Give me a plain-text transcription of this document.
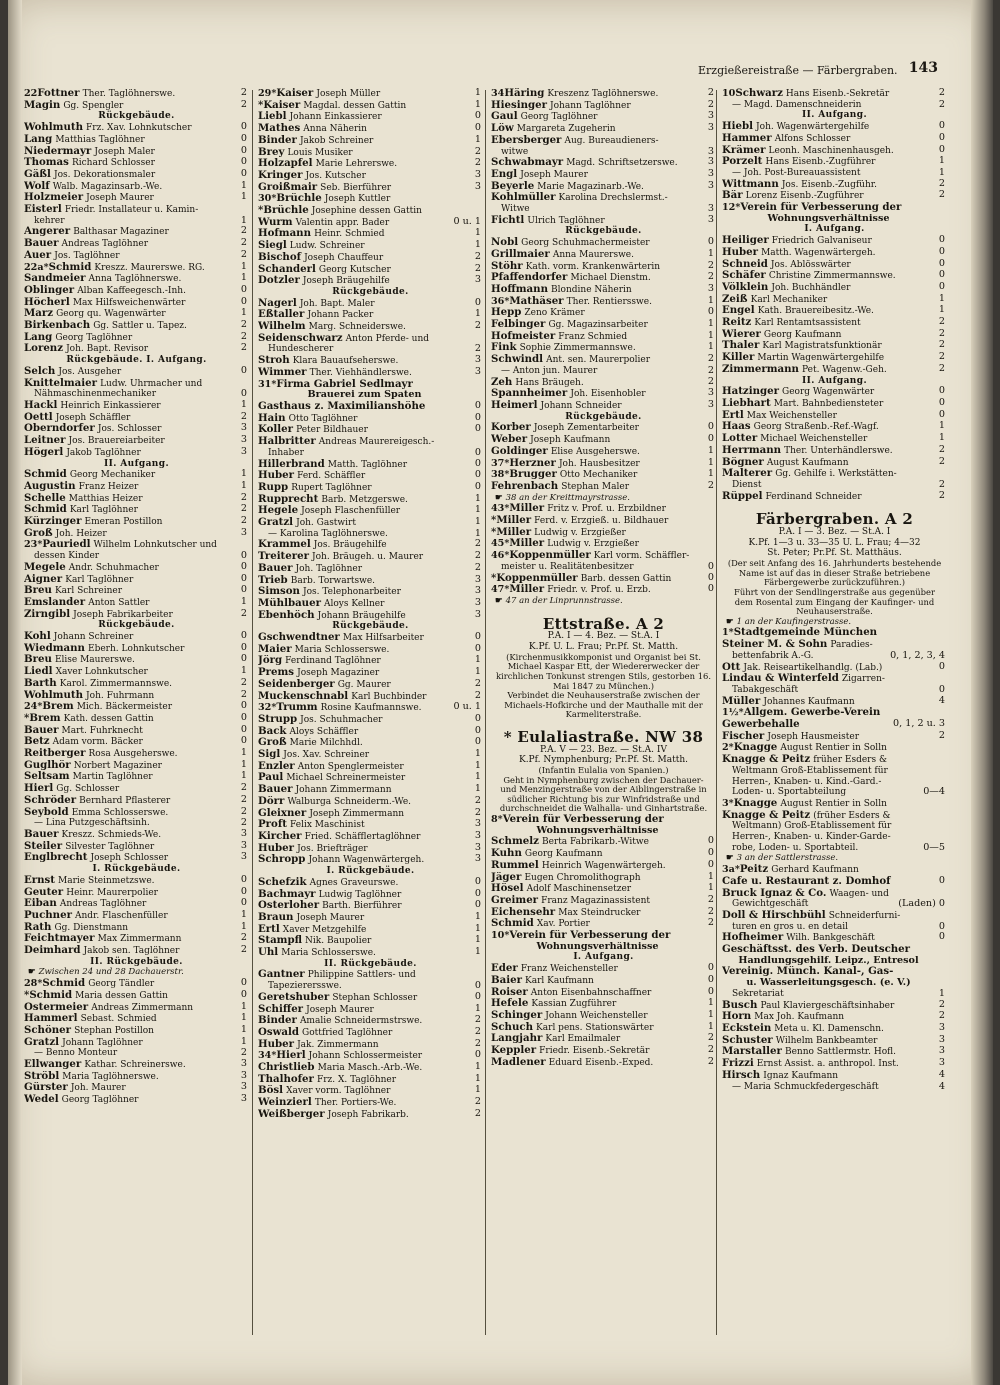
Erzgießereistraße — Färbergraben. 143
22Fottner Ther. Taglöhnerswe.	2
Magin Gg. Spengler	2
Rückgebäude.
Wohlmuth Frz. Xav. Lohnkutscher	0
Lang Matthias Taglöhner	0
Niedermayr Joseph Maler	0
Thomas Richard Schlosser	0
Gäßl Jos. Dekorationsmaler	0
Wolf Walb. Magazinsarb.-We.	1
Holzmeier Joseph Maurer	1
Eisterl Friedr. Installateur u. Kamin-
kehrer	1
Angerer Balthasar Magaziner	2
Bauer Andreas Taglöhner	2
Auer Jos. Taglöhner	2
22a*Schmid Kreszz. Maurerswe. RG.	1
Sandmeier Anna Taglöhnerswe.	1
Oblinger Alban Kaffeegesch.-Inh.	0
Höcherl Max Hilfsweichenwärter	0
Marz Georg qu. Wagenwärter	1
Birkenbach Gg. Sattler u. Tapez.	2
Lang Georg Taglöhner	2
Lorenz Joh. Bapt. Revisor	2
Rückgebäude. I. Aufgang.
Selch Jos. Ausgeher	0
Knittelmaier Ludw. Uhrmacher und
Nähmaschinenmechaniker	0
Hackl Heinrich Einkassierer	1
Oettl Joseph Schäffler	2
Oberndorfer Jos. Schlosser	3
Leitner Jos. Brauereiarbeiter	3
Högerl Jakob Taglöhner	3
II. Aufgang.
Schmid Georg Mechaniker	1
Augustin Franz Heizer	1
Schelle Matthias Heizer	2
Schmid Karl Taglöhner	2
Kürzinger Emeran Postillon	2
Groß Joh. Heizer	3
23*Pauriedl Wilhelm Lohnkutscher und
dessen Kinder	0
Megele Andr. Schuhmacher	0
Aigner Karl Taglöhner	0
Breu Karl Schreiner	0
Emslander Anton Sattler	1
Zirngibl Joseph Fabrikarbeiter	2
Rückgebäude.
Kohl Johann Schreiner	0
Wiedmann Eberh. Lohnkutscher	0
Breu Elise Maurerswe.	0
Liedl Xaver Lohnkutscher	1
Barth Karol. Zimmermannswe.	2
Wohlmuth Joh. Fuhrmann	2
24*Brem Mich. Bäckermeister	0
*Brem Kath. dessen Gattin	0
Bauer Mart. Fuhrknecht	0
Betz Adam vorm. Bäcker	0
Reitberger Rosa Ausgeherswe.	1
Guglhör Norbert Magaziner	1
Seltsam Martin Taglöhner	1
Hierl Gg. Schlosser	2
Schröder Bernhard Pflasterer	2
Seybold Emma Schlosserswe.	2
— Lina Putzgeschäftsinh.	2
Bauer Kreszz. Schmieds-We.	3
Steiler Silvester Taglöhner	3
Englbrecht Joseph Schlosser	3
I. Rückgebäude.
Ernst Marie Steinmetzswe.	0
Geuter Heinr. Maurerpolier	0
Eiban Andreas Taglöhner	0
Puchner Andr. Flaschenfüller	1
Rath Gg. Dienstmann	1
Feichtmayer Max Zimmermann	2
Deimhard Jakob sen. Taglöhner	2
II. Rückgebäude.
☛ Zwischen 24 und 28 Dachauerstr.
28*Schmid Georg Tändler	0
*Schmid Maria dessen Gattin	0
Ostermeier Andreas Zimmermann	1
Hammerl Sebast. Schmied	1
Schöner Stephan Postillon	1
Gratzl Johann Taglöhner	1
— Benno Monteur	2
Ellwanger Kathar. Schreinerswe.	3
Ströbl Maria Taglöhnerswe.	3
Gürster Joh. Maurer	3
Wedel Georg Taglöhner	3
29*Kaiser Joseph Müller	1
*Kaiser Magdal. dessen Gattin	1
Liebl Johann Einkassierer	0
Mathes Anna Näherin	0
Binder Jakob Schreiner	1
Brey Louis Musiker	2
Holzapfel Marie Lehrerswe.	2
Kringer Jos. Kutscher	3
Groißmair Seb. Bierführer	3
30*Brüchle Joseph Kuttler
*Brüchle Josephine dessen Gattin
Wurm Valentin appr. Bader	0 u. 1
Hofmann Heinr. Schmied	1
Siegl Ludw. Schreiner	1
Bischof Joseph Chauffeur	2
Schanderl Georg Kutscher	2
Dotzler Joseph Bräugehilfe	3
Rückgebäude.
Nagerl Joh. Bapt. Maler	0
Eßtaller Johann Packer	1
Wilhelm Marg. Schneiderswe.	2
Seidenschwarz Anton Pferde- und
Hundescherer	2
Stroh Klara Bauaufseherswe.	3
Wimmer Ther. Viehhändlerswe.	3
31*Firma Gabriel Sedlmayr
Brauerei zum Spaten
Gasthaus z. Maximilianshöhe	0
Hain Otto Taglöhner	0
Koller Peter Bildhauer	0
Halbritter Andreas Maurereigesch.-
Inhaber	0
Hillerbrand Matth. Taglöhner	0
Huber Ferd. Schäffler	0
Rupp Rupert Taglöhner	0
Rupprecht Barb. Metzgerswe.	1
Hegele Joseph Flaschenfüller	1
Gratzl Joh. Gastwirt	1
— Karolina Taglöhnerswe.	1
Krammel Jos. Bräugehilfe	2
Treiterer Joh. Bräugeh. u. Maurer	2
Bauer Joh. Taglöhner	2
Trieb Barb. Torwartswe.	3
Simson Jos. Telephonarbeiter	3
Mühlbauer Aloys Kellner	3
Ebenhöch Johann Bräugehilfe	3
Rückgebäude.
Gschwendtner Max Hilfsarbeiter	0
Maier Maria Schlosserswe.	0
Jörg Ferdinand Taglöhner	1
Prems Joseph Magaziner	1
Seidenberger Gg. Maurer	2
Muckenschnabl Karl Buchbinder	2
32*Trumm Rosine Kaufmannswe.	0 u. 1
Strupp Jos. Schuhmacher	0
Back Aloys Schäffler	0
Groß Marie Milchhdl.	0
Sigl Jos. Xav. Schreiner	1
Enzler Anton Spenglermeister	1
Paul Michael Schreinermeister	1
Bauer Johann Zimmermann	1
Dörr Walburga Schneiderm.-We.	2
Gleixner Joseph Zimmermann	2
Proft Felix Maschinist	3
Kircher Fried. Schäfflertaglöhner	3
Huber Jos. Briefträger	3
Schropp Johann Wagenwärtergeh.	3
I. Rückgebäude.
Schefzik Agnes Graveurswe.	0
Bachmayr Ludwig Taglöhner	0
Osterloher Barth. Bierführer	0
Braun Joseph Maurer	1
Ertl Xaver Metzgehilfe	1
Stampfl Nik. Baupolier	1
Uhl Maria Schlosserswe.	1
II. Rückgebäude.
Gantner Philippine Sattlers- und
Tapezierersswe.	0
Geretshuber Stephan Schlosser	0
Schiffer Joseph Maurer	1
Binder Amalie Schneidermstrswe.	2
Oswald Gottfried Taglöhner	2
Huber Jak. Zimmermann	2
34*Hierl Johann Schlossermeister	0
Christlieb Maria Masch.-Arb.-We.	1
Thalhofer Frz. X. Taglöhner	1
Bösl Xaver vorm. Taglöhner	1
Weinzierl Ther. Portiers-We.	2
Weißberger Joseph Fabrikarb.	2
34Häring Kreszenz Taglöhnerswe.	2
Hiesinger Johann Taglöhner	2
Gaul Georg Taglöhner	3
Löw Margareta Zugeherin	3
Ebersberger Aug. Bureaudieners-
witwe	3
Schwabmayr Magd. Schriftsetzerswe.	3
Engl Joseph Maurer	3
Beyerle Marie Magazinarb.-We.	3
Kohlmüller Karolina Drechslermst.-
Witwe	3
Fichtl Ulrich Taglöhner	3
Rückgebäude.
Nobl Georg Schuhmachermeister	0
Grillmaier Anna Maurerswe.	1
Stöhr Kath. vorm. Krankenwärterin	2
Pfaffendorfer Michael Dienstm.	2
Hoffmann Blondine Näherin	3
36*Mathäser Ther. Rentiersswe.	1
Hepp Zeno Krämer	0
Felbinger Gg. Magazinsarbeiter	1
Hofmeister Franz Schmied	1
Fink Sophie Zimmermannswe.	1
Schwindl Ant. sen. Maurerpolier	2
— Anton jun. Maurer	2
Zeh Hans Bräugeh.	2
Spannheimer Joh. Eisenhobler	3
Heimerl Johann Schneider	3
Rückgebäude.
Korber Joseph Zementarbeiter	0
Weber Joseph Kaufmann	0
Goldinger Elise Ausgeherswe.	1
37*Herzner Joh. Hausbesitzer	1
38*Brugger Otto Mechaniker	1
Fehrenbach Stephan Maler	2
☛ 38 an der Kreittmayrstrasse.
43*Miller Fritz v. Prof. u. Erzbildner
*Miller Ferd. v. Erzgieß. u. Bildhauer
*Miller Ludwig v. Erzgießer
45*Miller Ludwig v. Erzgießer
46*Koppenmüller Karl vorm. Schäffler-
meister u. Realitätenbesitzer	0
*Koppenmüller Barb. dessen Gattin	0
47*Miller Friedr. v. Prof. u. Erzb.	0
☛ 47 an der Linprunnstrasse.
Ettstraße. A 2
P.A. I — 4. Bez. — St.A. I
K.Pf. U. L. Frau; Pr.Pf. St. Matth.
(Kirchenmusikkomponist und Organist bei St. Michael Kaspar Ett, der Wiedererwecker der kirchlichen Tonkunst strengen Stils, gestorben 16. Mai 1847 zu München.)
Verbindet die Neuhauserstraße zwischen der Michaels-Hofkirche und der Mauthalle mit der Karmeliterstraße.
* Eulaliastraße. NW 38
P.A. V — 23. Bez. — St.A. IV
K.Pf. Nymphenburg; Pr.Pf. St. Matth.
(Infantin Eulalia von Spanien.)
Geht in Nymphenburg zwischen der Dachauer- und Menzingerstraße von der Aiblingerstraße in südlicher Richtung bis zur Winfridstraße und durchschneidet die Walhalla- und Ginhartstraße.
8*Verein für Verbesserung der
Wohnungsverhältnisse
Schmelz Berta Fabrikarb.-Witwe	0
Kuhn Georg Kaufmann	0
Rummel Heinrich Wagenwärtergeh.	0
Jäger Eugen Chromolithograph	1
Hösel Adolf Maschinensetzer	1
Greimer Franz Magazinassistent	2
Eichensehr Max Steindrucker	2
Schmid Xav. Portier	2
10*Verein für Verbesserung der
Wohnungsverhältnisse
I. Aufgang.
Eder Franz Weichensteller	0
Baier Karl Kaufmann	0
Roiser Anton Eisenbahnschaffner	0
Hefele Kassian Zugführer	1
Schinger Johann Weichensteller	1
Schuch Karl pens. Stationswärter	1
Langjahr Karl Emailmaler	2
Keppler Friedr. Eisenb.-Sekretär	2
Madlener Eduard Eisenb.-Exped.	2
10Schwarz Hans Eisenb.-Sekretär	2
— Magd. Damenschneiderin	2
II. Aufgang.
Hiebl Joh. Wagenwärtergehilfe	0
Hammer Alfons Schlosser	0
Krämer Leonh. Maschinenhausgeh.	0
Porzelt Hans Eisenb.-Zugführer	1
— Joh. Post-Bureauassistent	1
Wittmann Jos. Eisenb.-Zugführ.	2
Bär Lorenz Eisenb.-Zugführer	2
12*Verein für Verbesserung der
Wohnungsverhältnisse
I. Aufgang.
Heiliger Friedrich Galvaniseur	0
Huber Matth. Wagenwärtergeh.	0
Schneid Jos. Ablösswärter	0
Schäfer Christine Zimmermannswe.	0
Völklein Joh. Buchhändler	0
Zeiß Karl Mechaniker	1
Engel Kath. Brauereibesitz.-We.	1
Reitz Karl Rentamtsassistent	2
Wierer Georg Kaufmann	2
Thaler Karl Magistratsfunktionär	2
Killer Martin Wagenwärtergehilfe	2
Zimmermann Pet. Wagenw.-Geh.	2
II. Aufgang.
Hatzinger Georg Wagenwärter	0
Liebhart Mart. Bahnbediensteter	0
Ertl Max Weichensteller	0
Haas Georg Straßenb.-Ref.-Wagf.	1
Lotter Michael Weichensteller	1
Herrmann Ther. Unterhändlerswe.	2
Bögner August Kaufmann	2
Malterer Gg. Gehilfe i. Werkstätten-
Dienst	2
Rüppel Ferdinand Schneider	2
Färbergraben. A 2
P.A. I — 3. Bez. — St.A. I
K.Pf. 1—3 u. 33—35 U. L. Frau; 4—32
St. Peter; Pr.Pf. St. Matthäus.
(Der seit Anfang des 16. Jahrhunderts bestehende Name ist auf das in dieser Straße betriebene Färbergewerbe zurückzuführen.)
Führt von der Sendlingerstraße aus gegenüber dem Rosental zum Eingang der Kaufinger- und Neuhauserstraße.
☛ 1 an der Kaufingerstrasse.
1*Stadtgemeinde München
Steiner M. & Sohn Paradies-
bettenfabrik A.-G.	0, 1, 2, 3, 4
Ott Jak. Reiseartikelhandlg. (Lab.)	0
Lindau & Winterfeld Zigarren-
Tabakgeschäft	0
Müller Johannes Kaufmann	4
1½*Allgem. Gewerbe-Verein
Gewerbehalle	0, 1, 2 u. 3
Fischer Joseph Hausmeister	2
2*Knagge August Rentier in Solln
Knagge & Peitz früher Esders &
Weltmann Groß-Etablissement für
Herren-, Knaben- u. Kind.-Gard.-
Loden- u. Sportabteilung	0—4
3*Knagge August Rentier in Solln
Knagge & Peitz (früher Esders &
Weltmann) Groß-Etablissement für
Herren-, Knaben- u. Kinder-Garde-
robe, Loden- u. Sportabteil.	0—5
☛ 3 an der Sattlerstrasse.
3a*Peitz Gerhard Kaufmann
Cafe u. Restaurant z. Domhof	0
Bruck Ignaz & Co. Waagen- und
Gewichtgeschäft	(Laden) 0
Doll & Hirschbühl Schneiderfurni-
turen en gros u. en detail	0
Hofheimer Wilh. Bankgeschäft	0
Geschäftsst. des Verb. Deutscher
Handlungsgehilf. Leipz., Entresol
Vereinig. Münch. Kanal-, Gas-
u. Wasserleitungsgesch. (e. V.)
Sekretariat	1
Busch Paul Klaviergeschäftsinhaber	2
Horn Max Joh. Kaufmann	2
Eckstein Meta u. Kl. Damenschn.	3
Schuster Wilhelm Bankbeamter	3
Marstaller Benno Sattlermstr. Hofl.	3
Frizzi Ernst Assist. a. anthropol. Inst.	3
Hirsch Ignaz Kaufmann	4
— Maria Schmuckfedergeschäft	4
